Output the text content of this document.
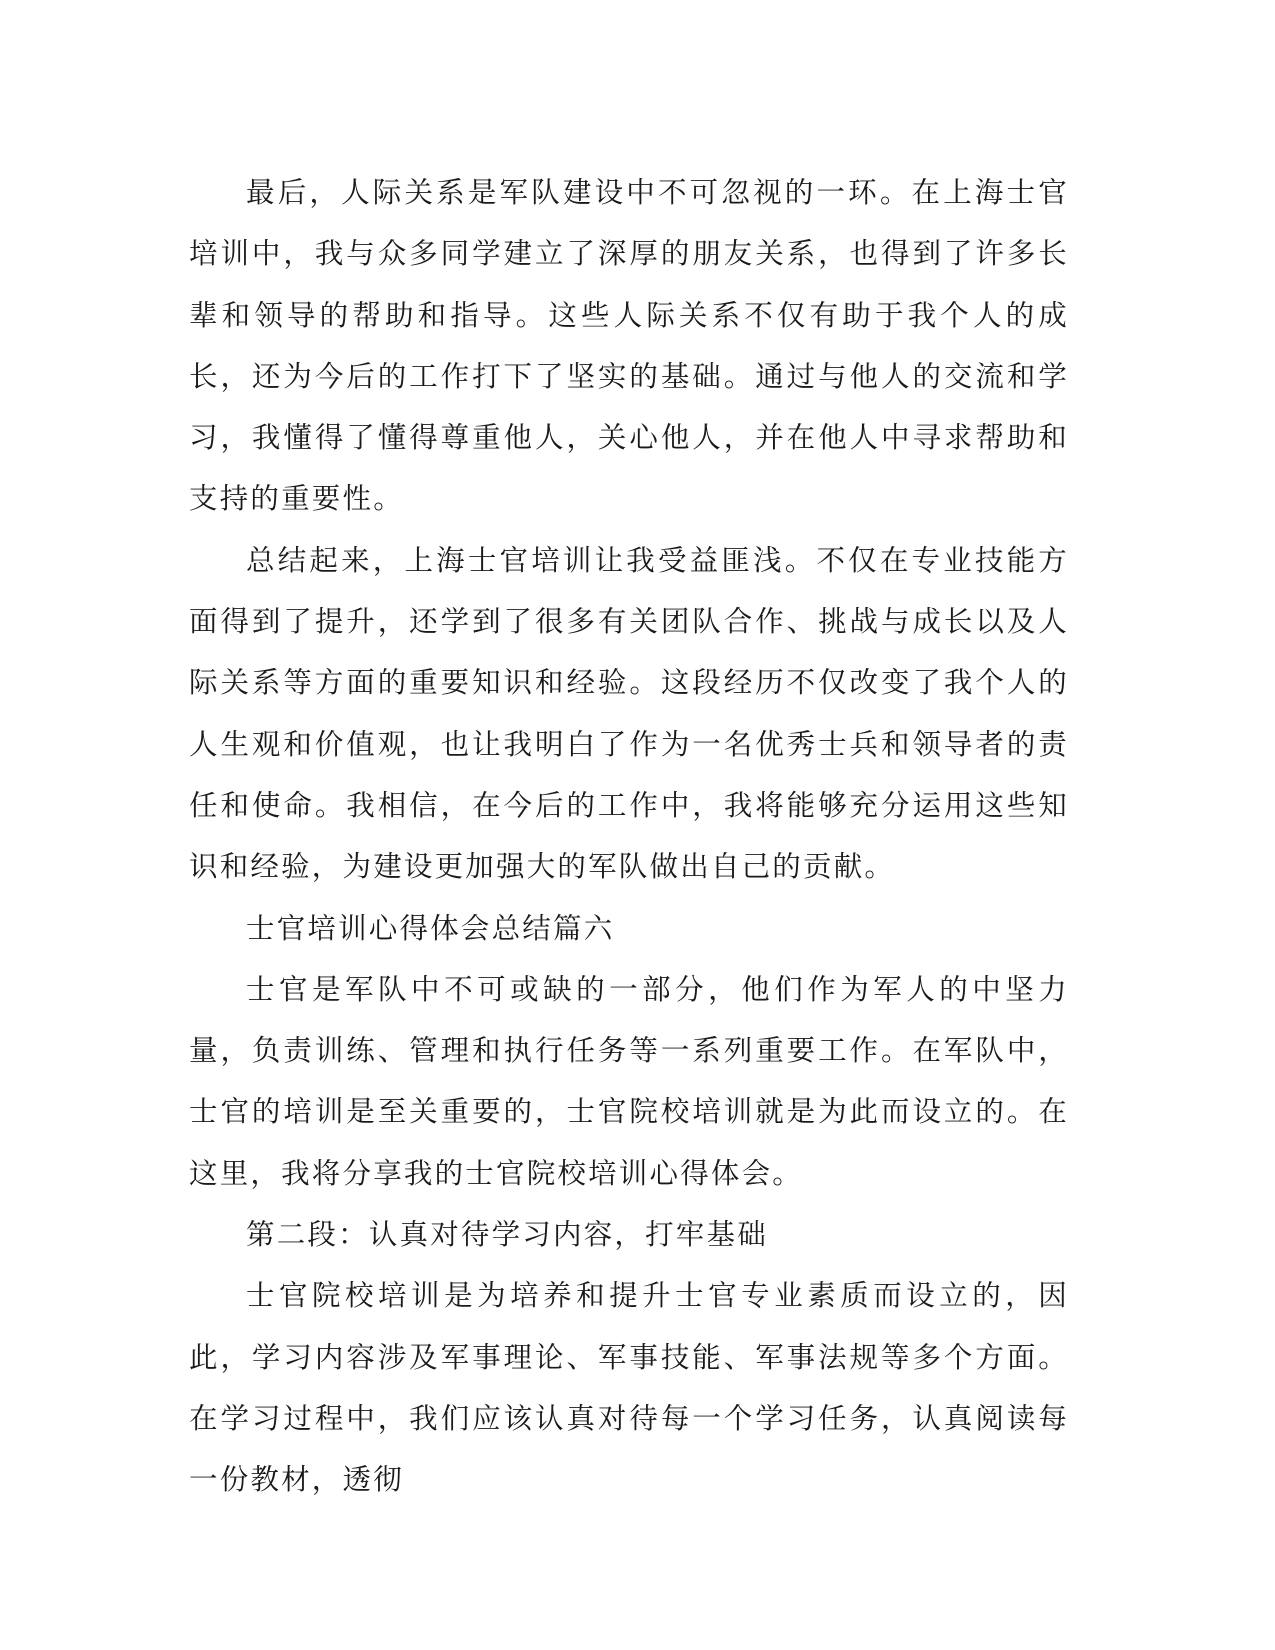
最后，人际关系是军队建设中不可忽视的一环。在上海士官培训中，我与众多同学建立了深厚的朋友关系，也得到了许多长辈和领导的帮助和指导。这些人际关系不仅有助于我个人的成长，还为今后的工作打下了坚实的基础。通过与他人的交流和学习，我懂得了懂得尊重他人，关心他人，并在他人中寻求帮助和支持的重要性。

总结起来，上海士官培训让我受益匪浅。不仅在专业技能方面得到了提升，还学到了很多有关团队合作、挑战与成长以及人际关系等方面的重要知识和经验。这段经历不仅改变了我个人的人生观和价值观，也让我明白了作为一名优秀士兵和领导者的责任和使命。我相信，在今后的工作中，我将能够充分运用这些知识和经验，为建设更加强大的军队做出自己的贡献。

士官培训心得体会总结篇六

士官是军队中不可或缺的一部分，他们作为军人的中坚力量，负责训练、管理和执行任务等一系列重要工作。在军队中，士官的培训是至关重要的，士官院校培训就是为此而设立的。在这里，我将分享我的士官院校培训心得体会。

第二段：认真对待学习内容，打牢基础

士官院校培训是为培养和提升士官专业素质而设立的，因此，学习内容涉及军事理论、军事技能、军事法规等多个方面。在学习过程中，我们应该认真对待每一个学习任务，认真阅读每一份教材，透彻
